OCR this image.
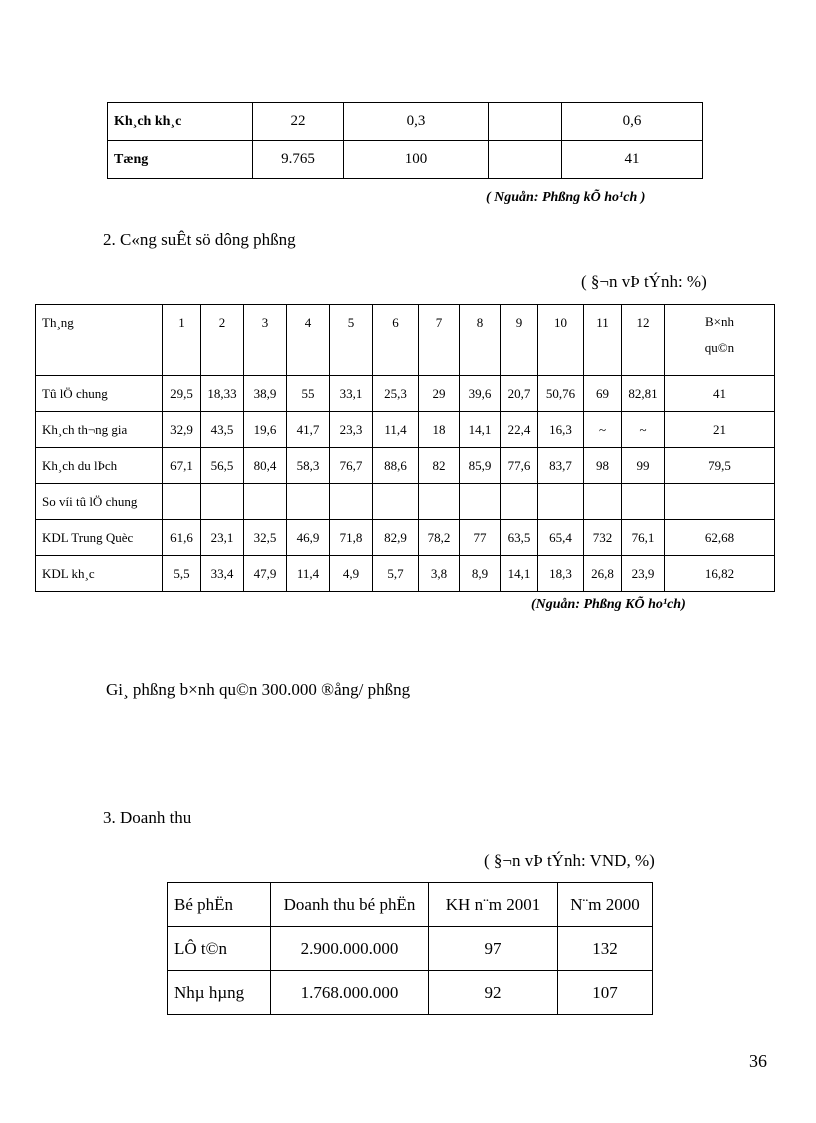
Kh¸ch kh¸c	22	0,3		0,6
Tæng	9.765	100		41
( Nguån: Phßng kÕ ho¹ch )
2. C«ng suÊt sö dông phßng
( §¬n vÞ tÝnh: %)
Th¸ng	1	2	3	4	5	6	7	8	9	10	11	12	B×nh
qu©n
Tû lÖ chung	29,5	18,33	38,9	55	33,1	25,3	29	39,6	20,7	50,76	69	82,81	41
Kh¸ch th¬ng gia	32,9	43,5	19,6	41,7	23,3	11,4	18	14,1	22,4	16,3	~	~	21
Kh¸ch du lÞch	67,1	56,5	80,4	58,3	76,7	88,6	82	85,9	77,6	83,7	98	99	79,5
So víi tû lÖ chung													
KDL Trung Quèc	61,6	23,1	32,5	46,9	71,8	82,9	78,2	77	63,5	65,4	732	76,1	62,68
KDL kh¸c	5,5	33,4	47,9	11,4	4,9	5,7	3,8	8,9	14,1	18,3	26,8	23,9	16,82
(Nguån: Phßng KÕ ho¹ch)
Gi¸ phßng b×nh qu©n 300.000 ®ång/ phßng
3. Doanh thu
( §¬n vÞ tÝnh: VND, %)
Bé phËn	Doanh thu bé phËn	KH n¨m 2001	N¨m 2000
LÔ t©n	2.900.000.000	97	132
Nhµ hµng	1.768.000.000	92	107
36
